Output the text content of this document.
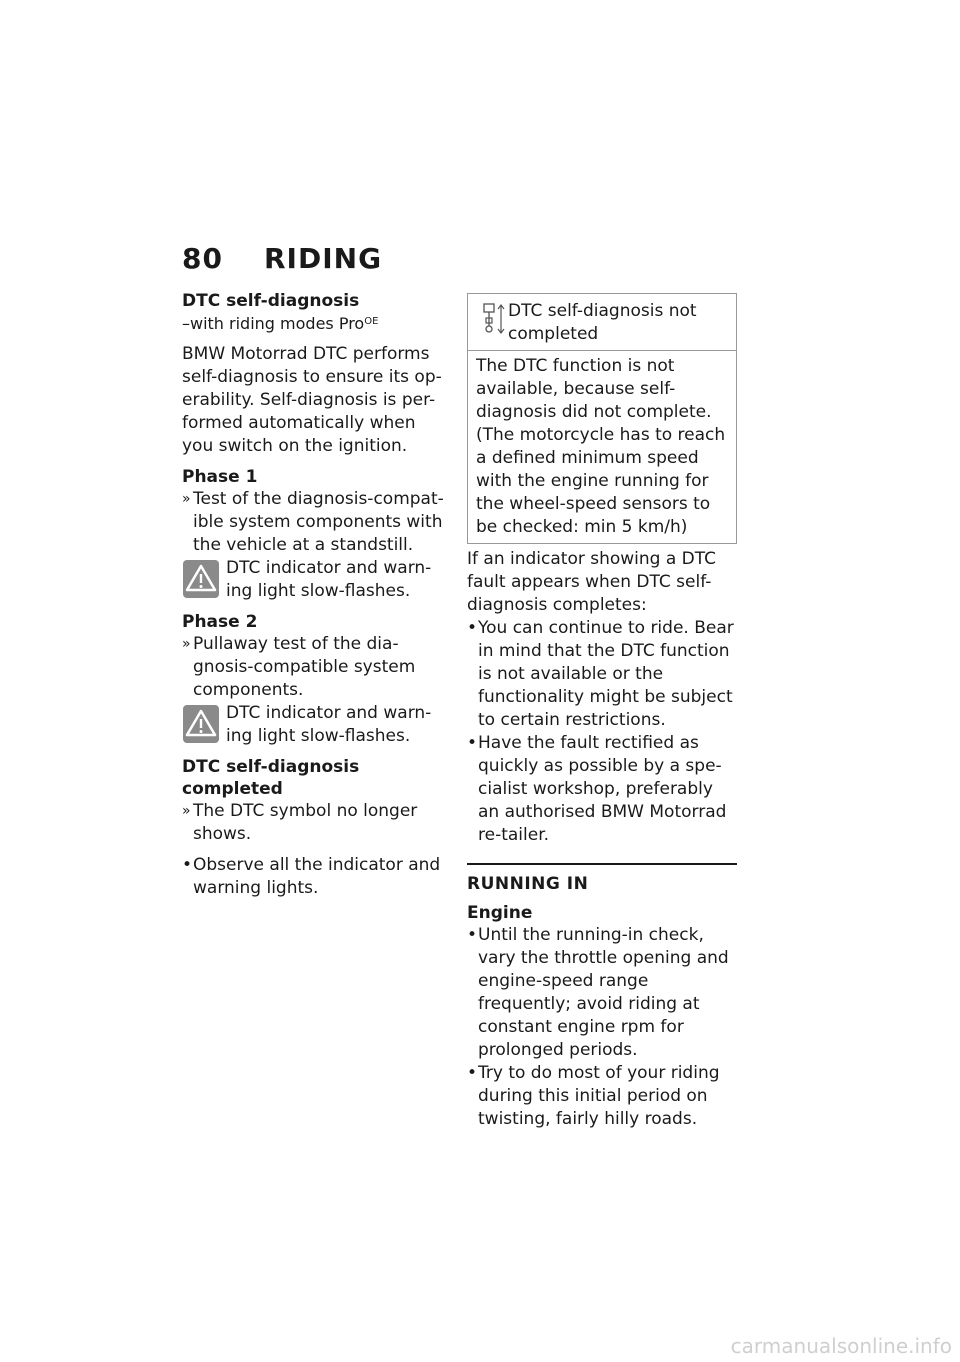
80 RIDING
DTC self-diagnosis
–with riding modes Pro$^{OE}$

BMW Motorrad DTC performs self-diagnosis to ensure its op-erability. Self-diagnosis is per-formed automatically when you switch on the ignition.

Phase 1
» Test of the diagnosis-compat-ible system components with the vehicle at a standstill.
DTC indicator and warn-ing light slow-flashes.
Phase 2
» Pullaway test of the dia-gnosis-compatible system components.
DTC indicator and warn-ing light slow-flashes.
DTC self-diagnosis completed
» The DTC symbol no longer shows.
• Observe all the indicator and warning lights.
DTC self-diagnosis not completed
The DTC function is not available, because self-diagnosis did not complete. (The motorcycle has to reach a defined minimum speed with the engine running for the wheel-speed sensors to be checked: min 5 km/h)

If an indicator showing a DTC fault appears when DTC self-diagnosis completes:

• You can continue to ride. Bear in mind that the DTC function is not available or the functionality might be subject to certain restrictions.
• Have the fault rectified as quickly as possible by a spe-cialist workshop, preferably an authorised BMW Motorrad re-tailer.
RUNNING IN
Engine
• Until the running-in check, vary the throttle opening and engine-speed range frequently; avoid riding at constant engine rpm for prolonged periods.
• Try to do most of your riding during this initial period on twisting, fairly hilly roads.
carmanualsonline.info
